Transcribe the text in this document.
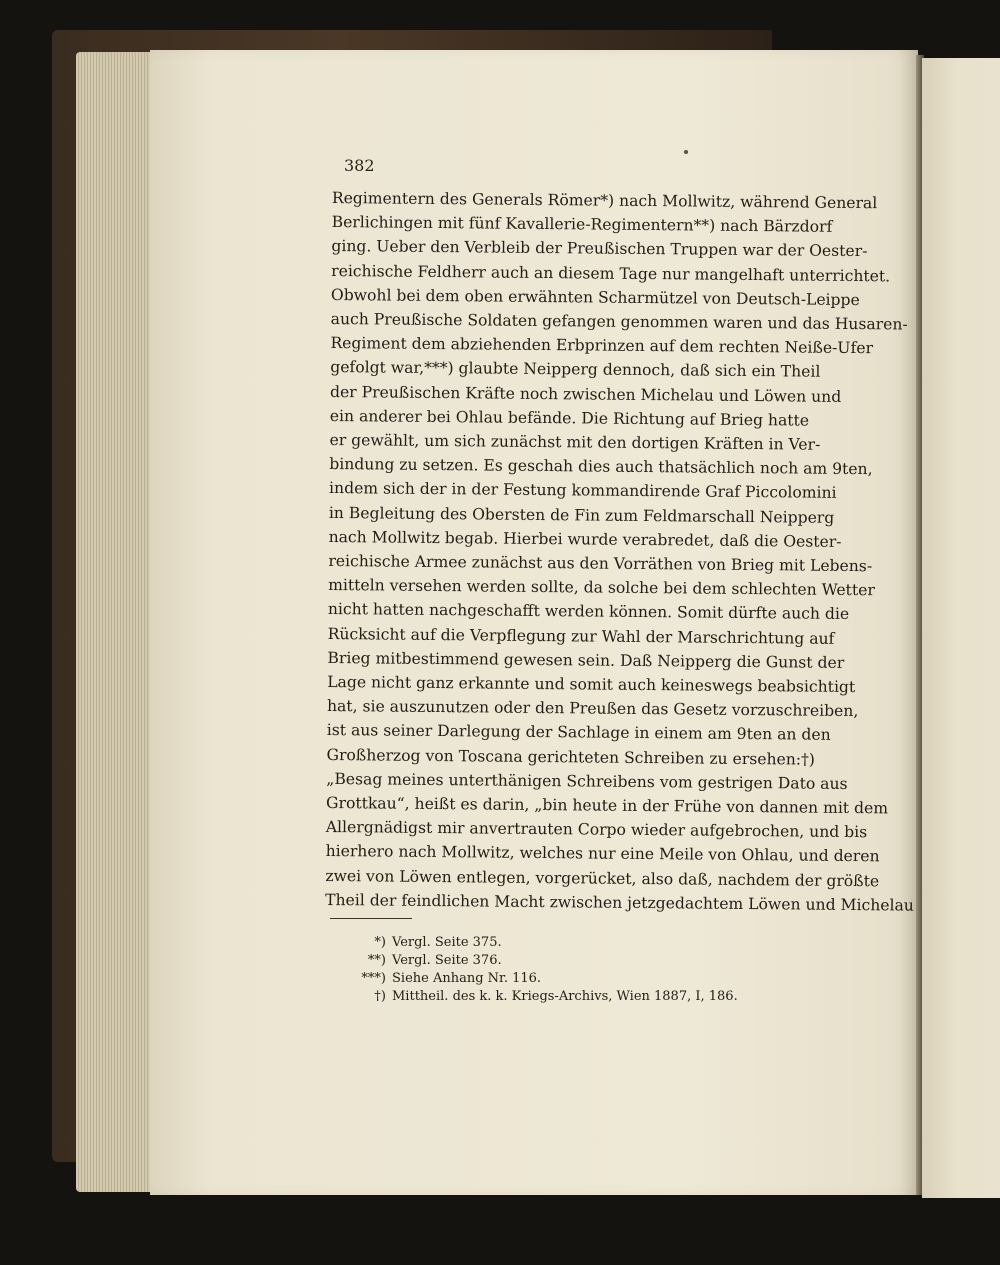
382
Regimentern des Generals Römer*) nach Mollwitz, während General
Berlichingen mit fünf Kavallerie-Regimentern**) nach Bärzdorf
ging. Ueber den Verbleib der Preußischen Truppen war der Oester-
reichische Feldherr auch an diesem Tage nur mangelhaft unterrichtet.
Obwohl bei dem oben erwähnten Scharmützel von Deutsch-Leippe
auch Preußische Soldaten gefangen genommen waren und das Husaren-
Regiment dem abziehenden Erbprinzen auf dem rechten Neiße-Ufer
gefolgt war,***) glaubte Neipperg dennoch, daß sich ein Theil
der Preußischen Kräfte noch zwischen Michelau und Löwen und
ein anderer bei Ohlau befände. Die Richtung auf Brieg hatte
er gewählt, um sich zunächst mit den dortigen Kräften in Ver-
bindung zu setzen. Es geschah dies auch thatsächlich noch am 9ten,
indem sich der in der Festung kommandirende Graf Piccolomini
in Begleitung des Obersten de Fin zum Feldmarschall Neipperg
nach Mollwitz begab. Hierbei wurde verabredet, daß die Oester-
reichische Armee zunächst aus den Vorräthen von Brieg mit Lebens-
mitteln versehen werden sollte, da solche bei dem schlechten Wetter
nicht hatten nachgeschafft werden können. Somit dürfte auch die
Rücksicht auf die Verpflegung zur Wahl der Marschrichtung auf
Brieg mitbestimmend gewesen sein. Daß Neipperg die Gunst der
Lage nicht ganz erkannte und somit auch keineswegs beabsichtigt
hat, sie auszunutzen oder den Preußen das Gesetz vorzuschreiben,
ist aus seiner Darlegung der Sachlage in einem am 9ten an den
Großherzog von Toscana gerichteten Schreiben zu ersehen:†)
„Besag meines unterthänigen Schreibens vom gestrigen Dato aus
Grottkau“, heißt es darin, „bin heute in der Frühe von dannen mit dem
Allergnädigst mir anvertrauten Corpo wieder aufgebrochen, und bis
hierhero nach Mollwitz, welches nur eine Meile von Ohlau, und deren
zwei von Löwen entlegen, vorgerücket, also daß, nachdem der größte
Theil der feindlichen Macht zwischen jetzgedachtem Löwen und Michelau
*) Vergl. Seite 375.
**) Vergl. Seite 376.
***) Siehe Anhang Nr. 116.
†) Mittheil. des k. k. Kriegs-Archivs, Wien 1887, I, 186.
